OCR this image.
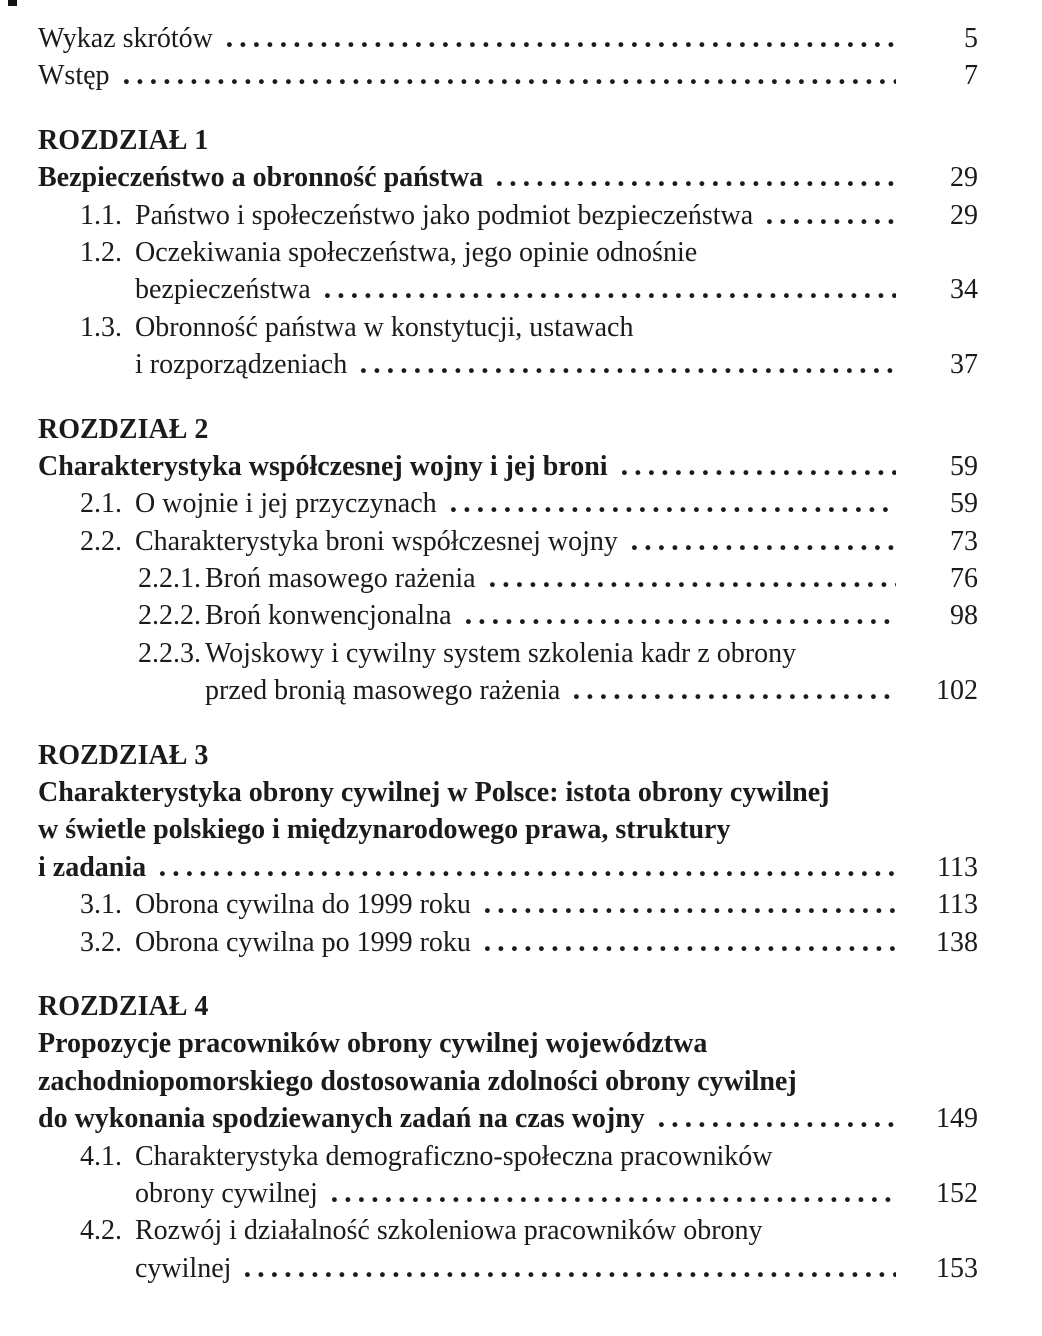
Wykaz skrótów	5
Wstęp	7
ROZDZIAŁ 1
Bezpieczeństwo a obronność państwa	29
1.1. Państwo i społeczeństwo jako podmiot bezpieczeństwa	29
1.2. Oczekiwania społeczeństwa, jego opinie odnośnie
bezpieczeństwa	34
1.3. Obronność państwa w konstytucji, ustawach
i rozporządzeniach	37
ROZDZIAŁ 2
Charakterystyka współczesnej wojny i jej broni	59
2.1. O wojnie i jej przyczynach	59
2.2. Charakterystyka broni współczesnej wojny	73
2.2.1. Broń masowego rażenia	76
2.2.2. Broń konwencjonalna	98
2.2.3. Wojskowy i cywilny system szkolenia kadr z obrony
przed bronią masowego rażenia	102
ROZDZIAŁ 3
Charakterystyka obrony cywilnej w Polsce: istota obrony cywilnej
w świetle polskiego i międzynarodowego prawa, struktury
i zadania	113
3.1. Obrona cywilna do 1999 roku	113
3.2. Obrona cywilna po 1999 roku	138
ROZDZIAŁ 4
Propozycje pracowników obrony cywilnej województwa
zachodniopomorskiego dostosowania zdolności obrony cywilnej
do wykonania spodziewanych zadań na czas wojny	149
4.1. Charakterystyka demograficzno-społeczna pracowników
obrony cywilnej	152
4.2. Rozwój i działalność szkoleniowa pracowników obrony
cywilnej	153
